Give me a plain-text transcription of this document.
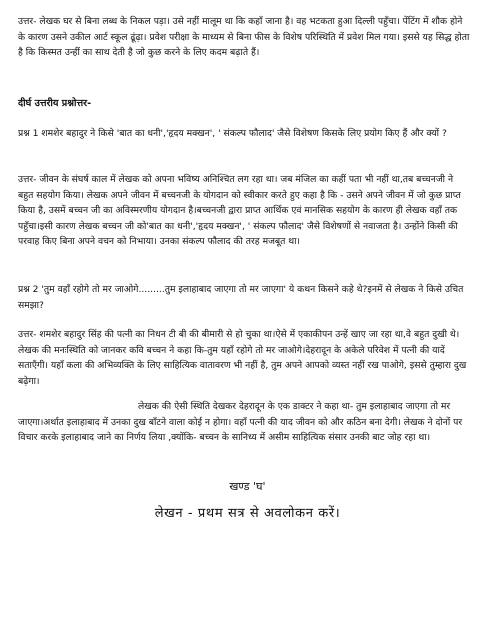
उत्तर- लेखक घर से बिना लब्ध के निकल पड़ा। उसे नहीं मालूम था कि कहाँ जाना है। वह भटकता हुआ दिल्ली पहुँचा। पेंटिंग में शौक होने के कारण उसने उकील आर्ट स्कूल ढूंढ़ा। प्रवेश परीक्षा के माध्यम से बिना फीस के विशेष परिस्थिति में प्रवेश मिल गया। इससे यह सिद्ध होता है कि किस्मत उन्हीं का साथ देती है जो कुछ करने के लिए कदम बढ़ाते हैं।

दीर्घ उत्तरीय प्रश्नोत्तर-

प्रश्न 1 शमशेर बहादुर ने किसे 'बात का धनी','हृदय मक्खन', ' संकल्प फौलाद' जैसे विशेषण किसके लिए प्रयोग किए हैं और क्यों ?

उत्तर- जीवन के संघर्ष काल में लेखक को अपना भविष्य अनिश्चित लग रहा था। जब मंजिल का कहीं पता भी नहीं था,तब बच्चनजी ने बहुत सहयोग किया। लेखक अपने जीवन में बच्चनजी के योगदान को स्वीकार करते हुए कहा है कि - उसने अपने जीवन में जो कुछ प्राप्त किया है, उसमें बच्चन जी का अविस्मरणीय योगदान है।बच्चनजी द्वारा प्राप्त आर्थिक एवं मानसिक सहयोग के कारण ही लेखक वहाँ तक पहुँचा।इसी कारण लेखक बच्चन जी को'बात का धनी','हृदय मक्खन', ' संकल्प फौलाद' जैसे विशेषणों से नवाजता है। उन्होंने किसी की परवाह किए बिना अपने वचन को निभाया। उनका संकल्प फौलाद की तरह मजबूत था।

प्रश्न 2 'तुम वहाँ रहोगे तो मर जाओगे.........तुम इलाहाबाद जाएगा तो मर जाएगा' ये कथन किसने कहे थे?इनमें से लेखक ने किसे उचित समझा?

उत्तर- शमशेर बहादुर सिंह की पत्नी का निधन टी बी की बीमारी से हो चुका था।ऐसे में एकाकीपन उन्हें खाए जा रहा था,वे बहुत दुखी थे। लेखक की मनःस्थिति को जानकर कवि बच्चन ने कहा कि-तुम यहाँ रहोगे तो मर जाओगे।देहरादून के अकेले परिवेश में पत्नी की यादें सताएँगी। यहाँ कला की अभिव्यक्ति के लिए साहित्यिक वातावरण भी नहीं है, तुम अपने आपको व्यस्त नहीं रख पाओगे, इससे तुम्हारा दुख बढ़ेगा।

लेखक की ऐसी स्थिति देखकर देहरादून के एक डाक्टर ने कहा था- तुम इलाहाबाद जाएगा तो मर जाएगा।अर्थात इलाहाबाद में उनका दुख बाँटने वाला कोई न होगा। वहाँ पत्नी की याद जीवन को और कठिन बना देगी। लेखक ने दोनों पर विचार करके इलाहाबाद जाने का निर्णय लिया ,क्योंकि- बच्चन के सानिध्य में असीम साहित्यिक संसार उनकी बाट जोह रहा था।

खण्ड 'घ'

लेखन - प्रथम सत्र से अवलोकन करें।
